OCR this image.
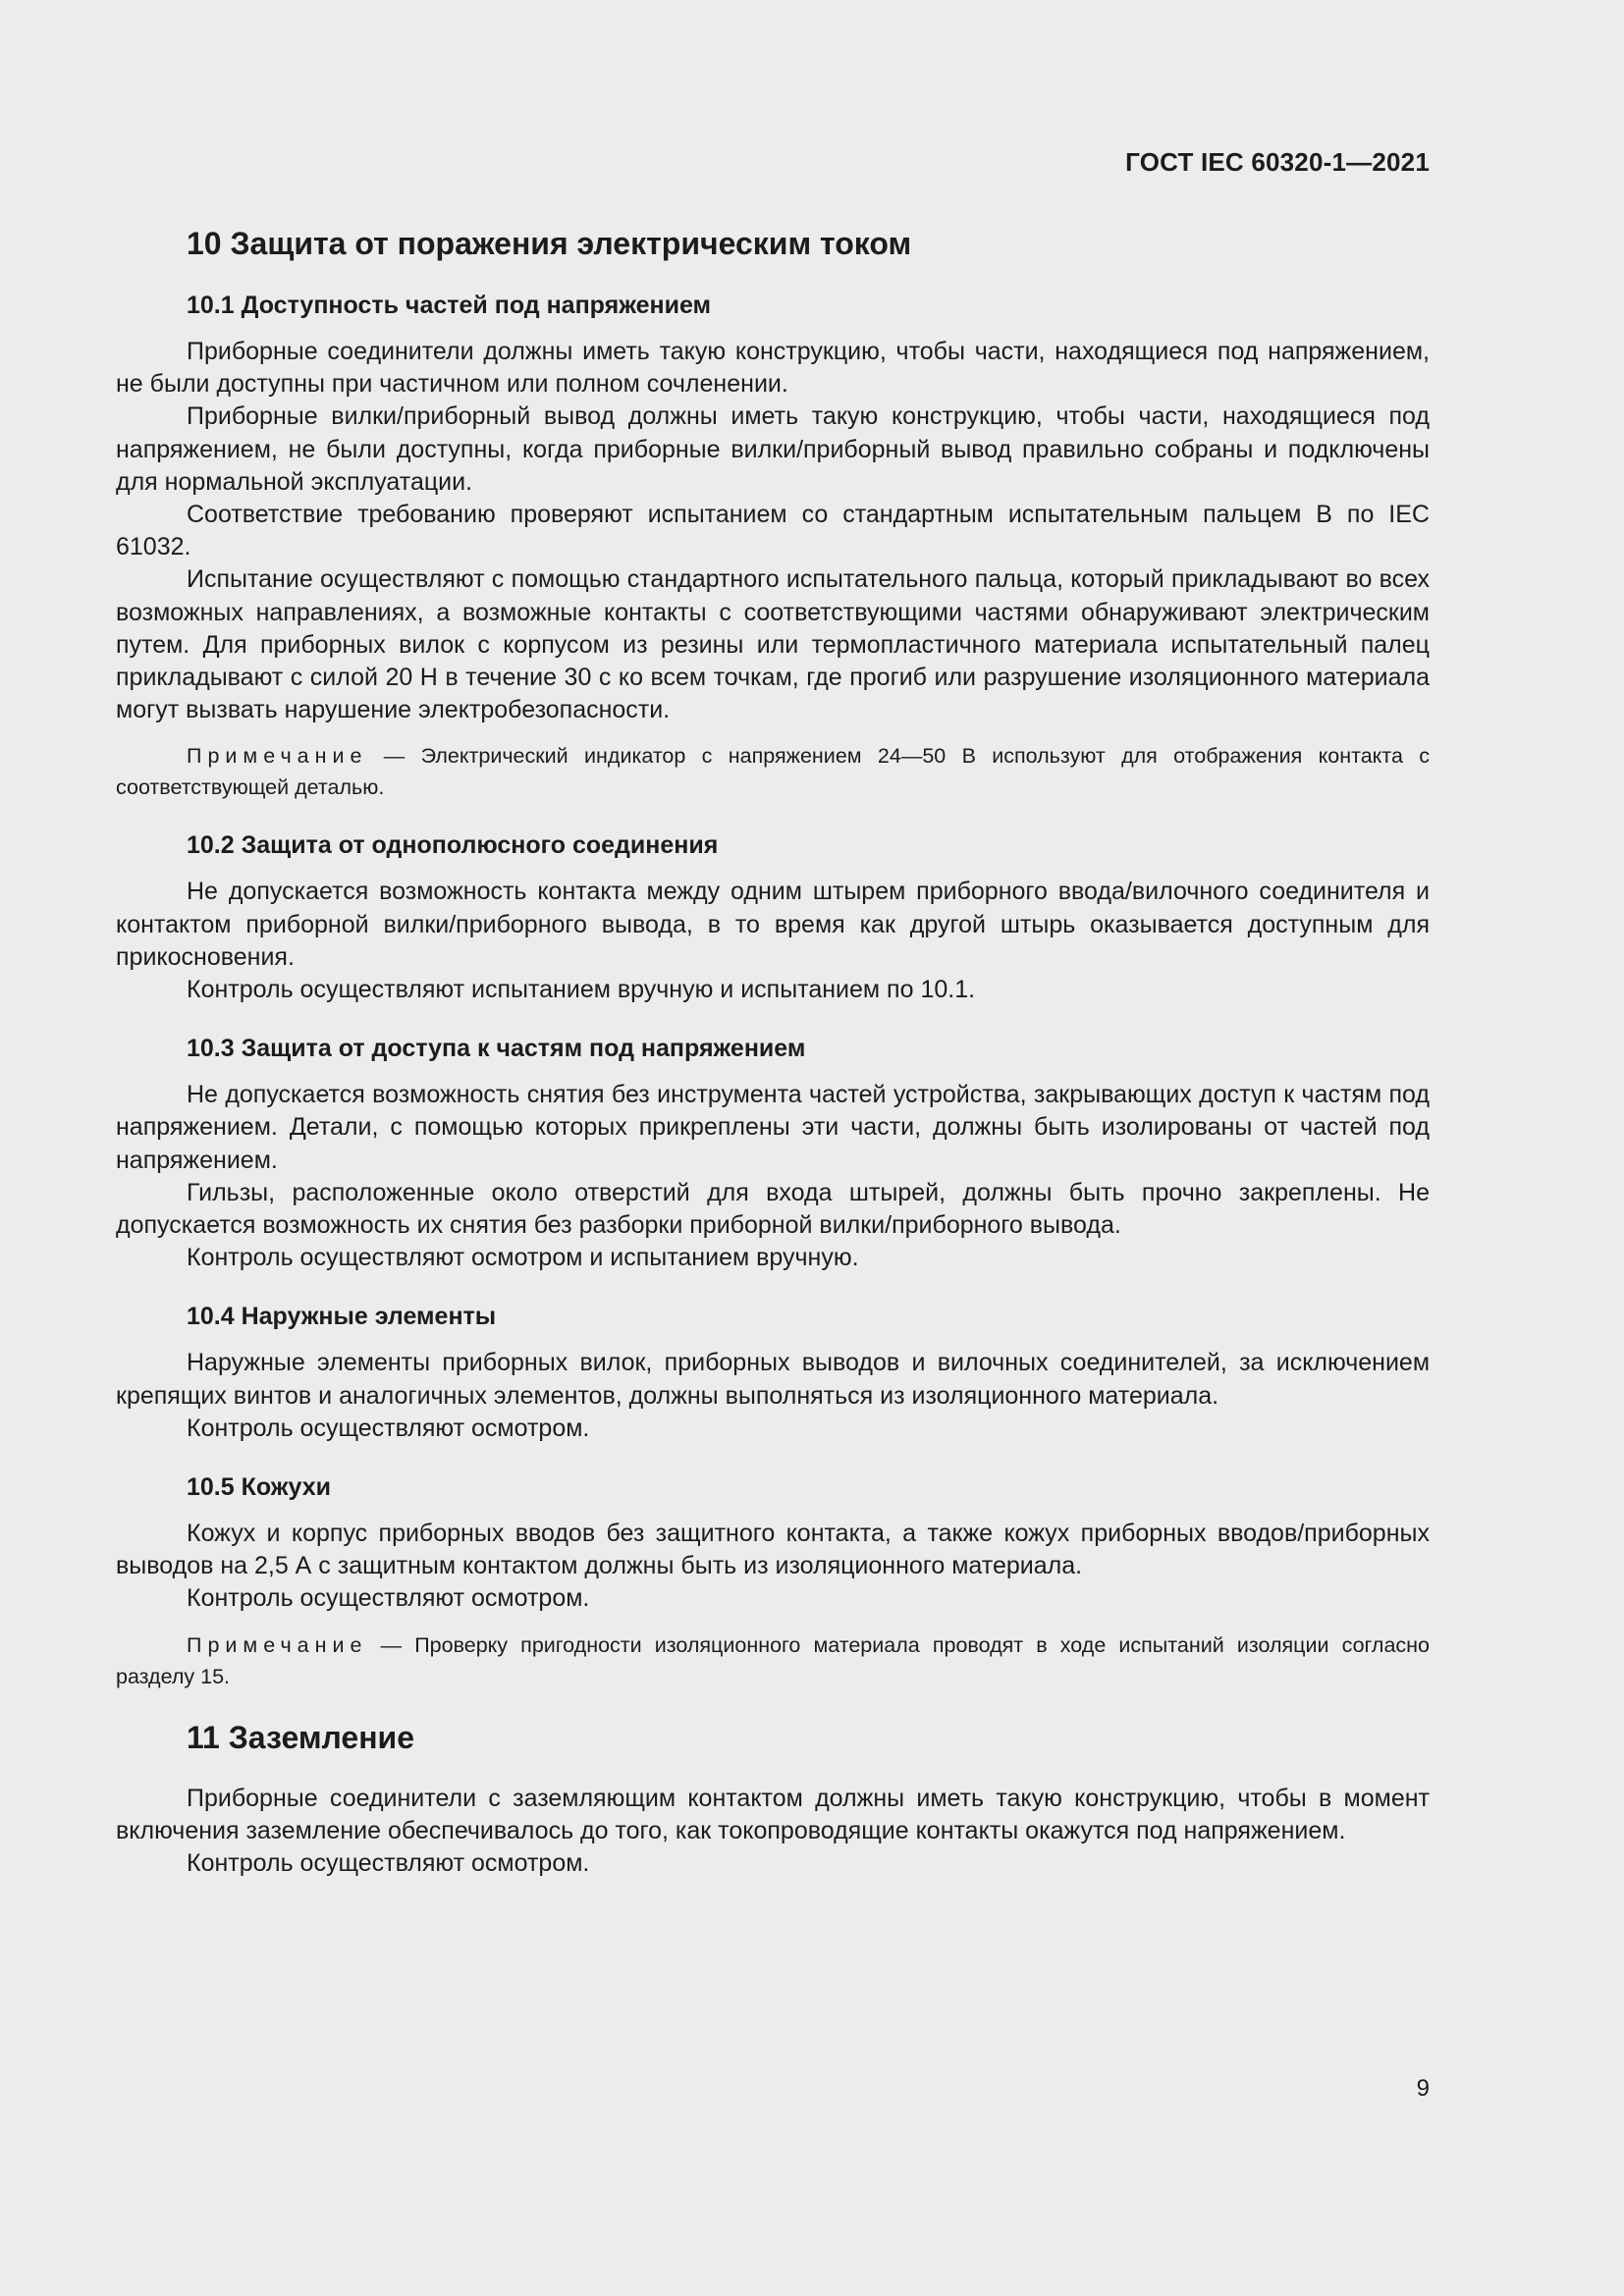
ГОСТ IEC 60320-1—2021
10 Защита от поражения электрическим током
10.1 Доступность частей под напряжением

Приборные соединители должны иметь такую конструкцию, чтобы части, находящиеся под напряжением, не были доступны при частичном или полном сочленении.

Приборные вилки/приборный вывод должны иметь такую конструкцию, чтобы части, находящиеся под напряжением, не были доступны, когда приборные вилки/приборный вывод правильно собраны и подключены для нормальной эксплуатации.

Соответствие требованию проверяют испытанием со стандартным испытательным пальцем В по IEC 61032.

Испытание осуществляют с помощью стандартного испытательного пальца, который прикладывают во всех возможных направлениях, а возможные контакты с соответствующими частями обнаруживают электрическим путем. Для приборных вилок с корпусом из резины или термопластичного материала испытательный палец прикладывают с силой 20 Н в течение 30 с ко всем точкам, где прогиб или разрушение изоляционного материала могут вызвать нарушение электробезопасности.

Примечание — Электрический индикатор с напряжением 24—50 В используют для отображения контакта с соответствующей деталью.
10.2 Защита от однополюсного соединения

Не допускается возможность контакта между одним штырем приборного ввода/вилочного соединителя и контактом приборной вилки/приборного вывода, в то время как другой штырь оказывается доступным для прикосновения.

Контроль осуществляют испытанием вручную и испытанием по 10.1.

10.3 Защита от доступа к частям под напряжением

Не допускается возможность снятия без инструмента частей устройства, закрывающих доступ к частям под напряжением. Детали, с помощью которых прикреплены эти части, должны быть изолированы от частей под напряжением.

Гильзы, расположенные около отверстий для входа штырей, должны быть прочно закреплены. Не допускается возможность их снятия без разборки приборной вилки/приборного вывода.

Контроль осуществляют осмотром и испытанием вручную.

10.4 Наружные элементы

Наружные элементы приборных вилок, приборных выводов и вилочных соединителей, за исключением крепящих винтов и аналогичных элементов, должны выполняться из изоляционного материала.

Контроль осуществляют осмотром.

10.5 Кожухи

Кожух и корпус приборных вводов без защитного контакта, а также кожух приборных вводов/приборных выводов на 2,5 А с защитным контактом должны быть из изоляционного материала.

Контроль осуществляют осмотром.

Примечание — Проверку пригодности изоляционного материала проводят в ходе испытаний изоляции согласно разделу 15.
11 Заземление

Приборные соединители с заземляющим контактом должны иметь такую конструкцию, чтобы в момент включения заземление обеспечивалось до того, как токопроводящие контакты окажутся под напряжением.

Контроль осуществляют осмотром.

9
